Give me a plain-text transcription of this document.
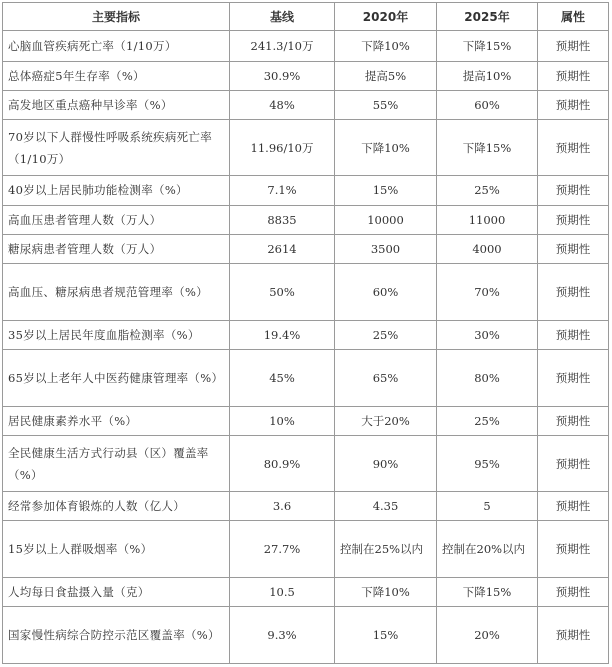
主要指标	基线	2020年	2025年	属性
心脑血管疾病死亡率（1/10万）	241.3/10万	下降10%	下降15%	预期性
总体癌症5年生存率（%）	30.9%	提高5%	提高10%	预期性
高发地区重点癌种早诊率（%）	48%	55%	60%	预期性
70岁以下人群慢性呼吸系统疾病死亡率（1/10万）	11.96/10万	下降10%	下降15%	预期性
40岁以上居民肺功能检测率（%）	7.1%	15%	25%	预期性
高血压患者管理人数（万人）	8835	10000	11000	预期性
糖尿病患者管理人数（万人）	2614	3500	4000	预期性
高血压、糖尿病患者规范管理率（%）	50%	60%	70%	预期性
35岁以上居民年度血脂检测率（%）	19.4%	25%	30%	预期性
65岁以上老年人中医药健康管理率（%）	45%	65%	80%	预期性
居民健康素养水平（%）	10%	大于20%	25%	预期性
全民健康生活方式行动县（区）覆盖率（%）	80.9%	90%	95%	预期性
经常参加体育锻炼的人数（亿人）	3.6	4.35	5	预期性
15岁以上人群吸烟率（%）	27.7%	控制在25%以内	控制在20%以内	预期性
人均每日食盐摄入量（克）	10.5	下降10%	下降15%	预期性
国家慢性病综合防控示范区覆盖率（%）	9.3%	15%	20%	预期性
